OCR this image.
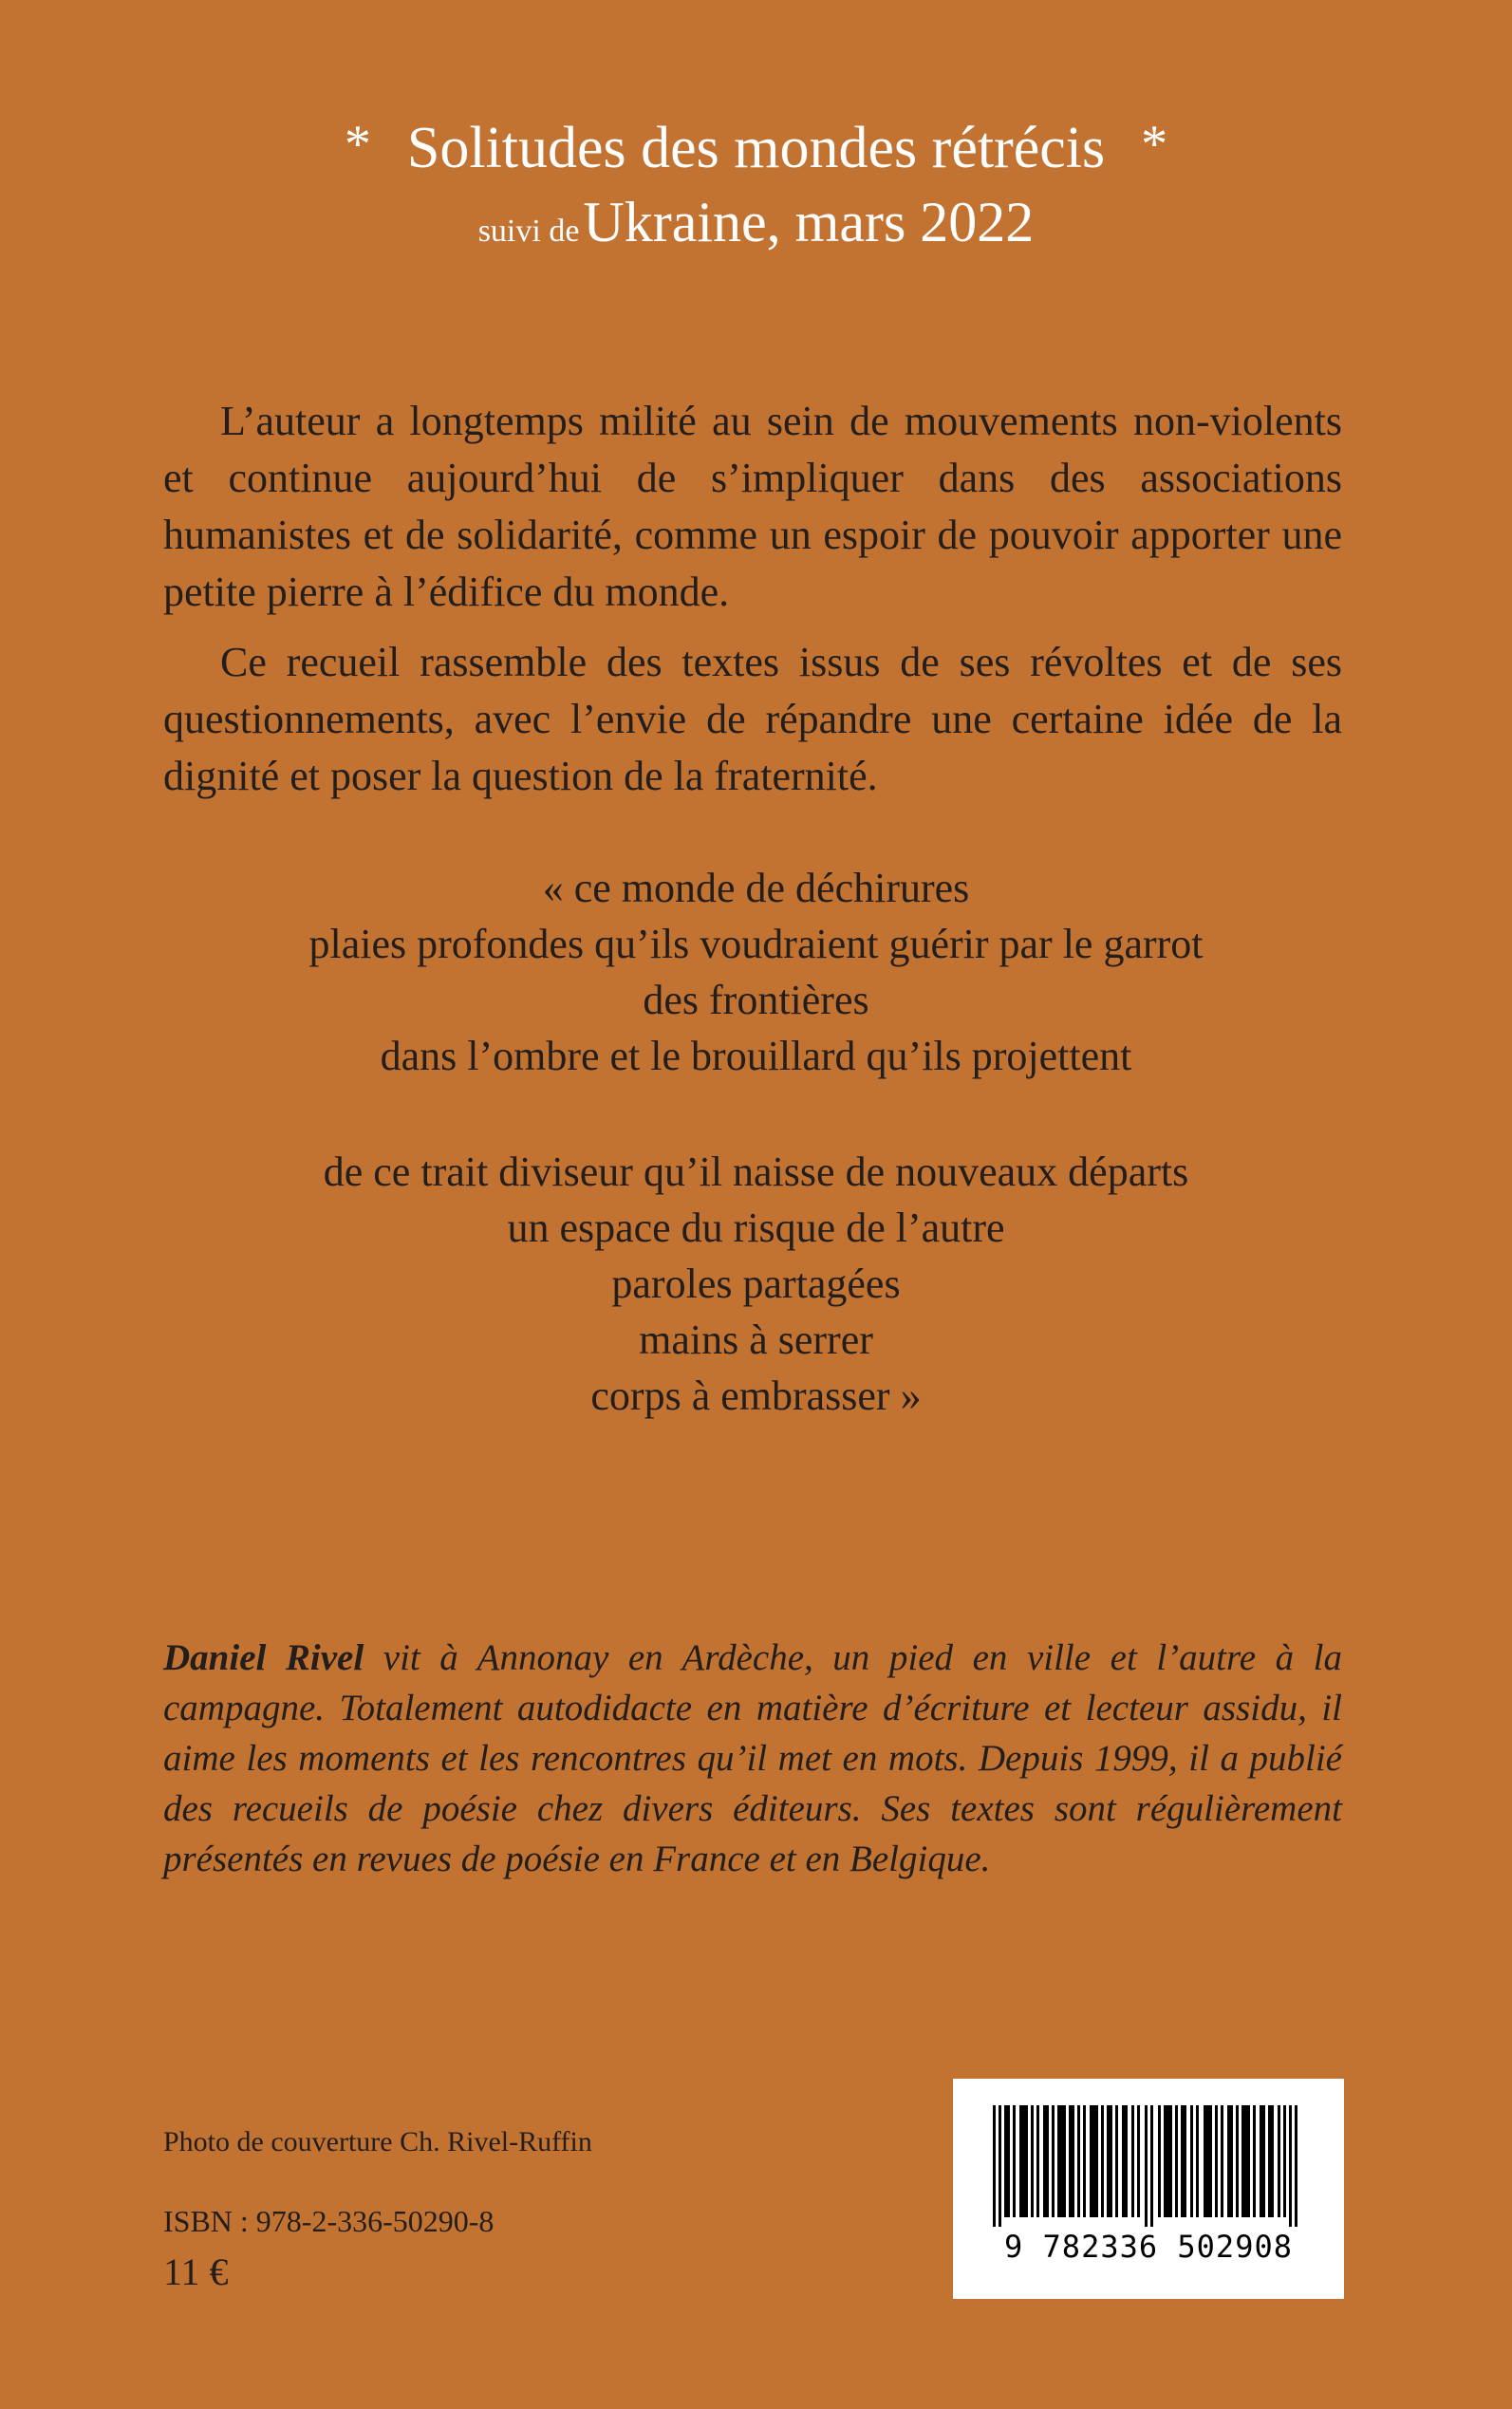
* Solitudes des mondes rétrécis *
suivi de Ukraine, mars 2022

L’auteur a longtemps milité au sein de mouvements non-violents et continue aujourd’hui de s’impliquer dans des associations humanistes et de solidarité, comme un espoir de pouvoir apporter une petite pierre à l’édifice du monde.

Ce recueil rassemble des textes issus de ses révoltes et de ses questionnements, avec l’envie de répandre une certaine idée de la dignité et poser la question de la fraternité.

« ce monde de déchirures
plaies profondes qu’ils voudraient guérir par le garrot
des frontières
dans l’ombre et le brouillard qu’ils projettent
de ce trait diviseur qu’il naisse de nouveaux départs
un espace du risque de l’autre
paroles partagées
mains à serrer
corps à embrasser »

Daniel Rivel vit à Annonay en Ardèche, un pied en ville et l’autre à la campagne. Totalement autodidacte en matière d’écriture et lecteur assidu, il aime les moments et les rencontres qu’il met en mots. Depuis 1999, il a publié des recueils de poésie chez divers éditeurs. Ses textes sont régulièrement présentés en revues de poésie en France et en Belgique.

Photo de couverture Ch. Rivel-Ruffin
ISBN : 978-2-336-50290-8
11 €
9 782336 502908
